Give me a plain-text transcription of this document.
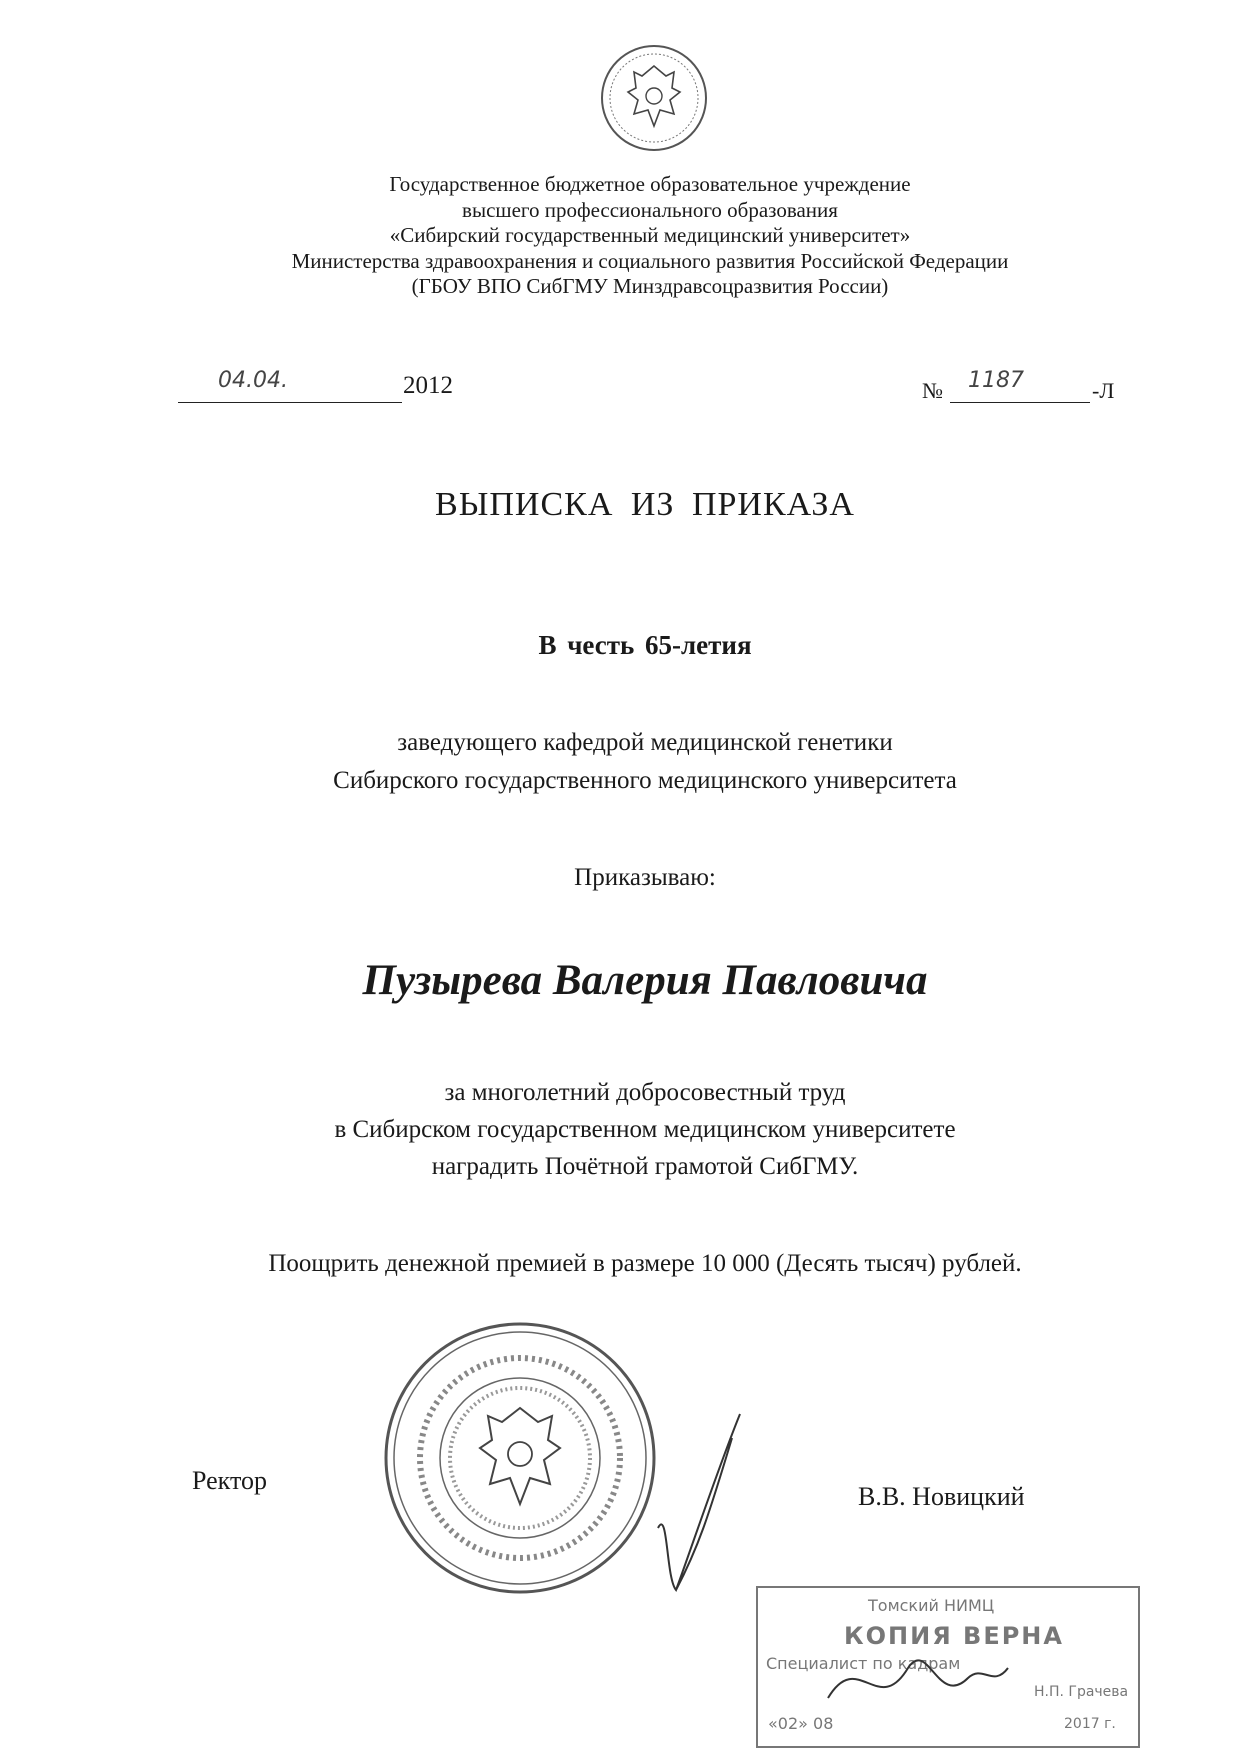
Государственное бюджетное образовательное учреждение
высшего профессионального образования
«Сибирский государственный медицинский университет»
Министерства здравоохранения и социального развития Российской Федерации
(ГБОУ ВПО СибГМУ Минздравсоцразвития России)
04.04.	2012	№ 1187	-Л
ВЫПИСКА ИЗ ПРИКАЗА
В честь 65-летия
заведующего кафедрой медицинской генетики
Сибирского государственного медицинского университета
Приказываю:
Пузырева Валерия Павловича
за многолетний добросовестный труд
в Сибирском государственном медицинском университете
наградить Почётной грамотой СибГМУ.
Поощрить денежной премией в размере 10 000 (Десять тысяч) рублей.
Ректор
В.В. Новицкий
Томский НИМЦ
КОПИЯ ВЕРНА
Специалист по кадрам
Н.П. Грачева
«02» 08	2017 г.
